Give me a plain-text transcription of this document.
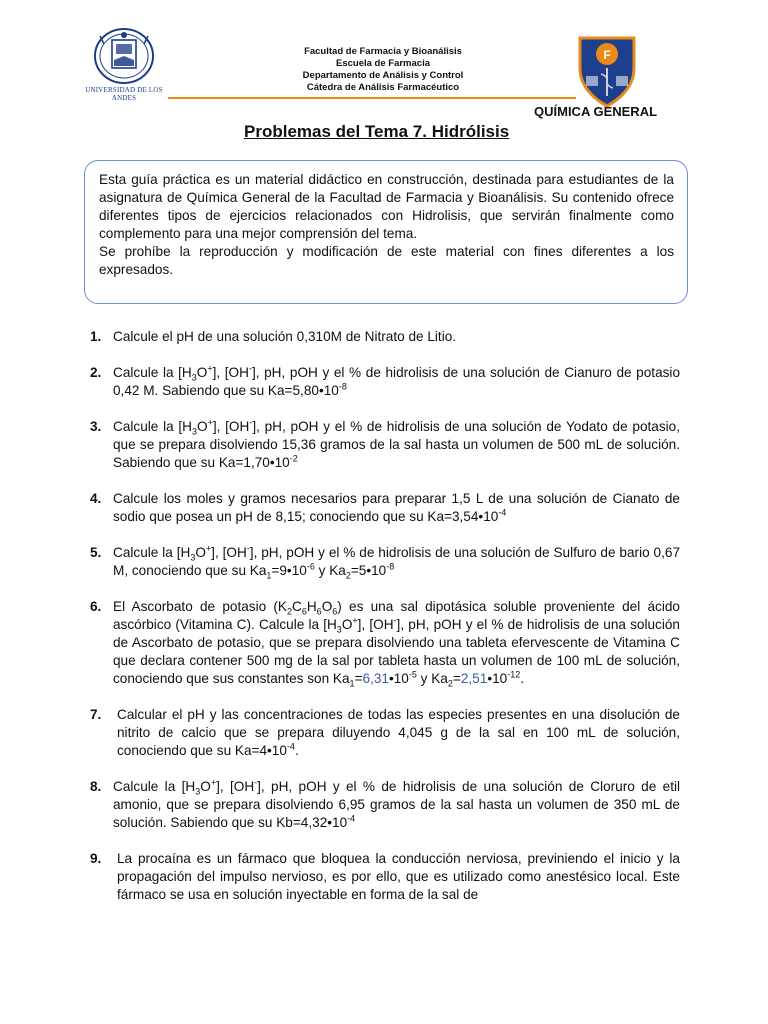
UNIVERSIDAD DE LOS ANDES
Facultad de Farmacia y Bioanálisis
Escuela de Farmacia
Departamento de Análisis y Control
Cátedra de Análisis Farmacéutico
F
QUÍMICA GENERAL
Problemas del Tema 7. Hidrólisis

Esta guía práctica es un material didáctico en construcción, destinada para estudiantes de la asignatura de Química General de la Facultad de Farmacia y Bioanálisis. Su contenido ofrece diferentes tipos de ejercicios relacionados con Hidrolisis, que servirán finalmente como complemento para una mejor comprensión del tema.

Se prohíbe la reproducción y modificación de este material con fines diferentes a los expresados.

1. Calcule el pH de una solución 0,310M de Nitrato de Litio.
2. Calcule la $[H_3O^+]$, [OH-], pH, pOH y el % de hidrolisis de una solución de Cianuro de potasio 0,42 M. Sabiendo que su $Ka=5,80•10^{-8}$
3. Calcule la $[H_3O^+]$, [OH-], pH, pOH y el % de hidrolisis de una solución de Yodato de potasio, que se prepara disolviendo 15,36 gramos de la sal hasta un volumen de 500 mL de solución. Sabiendo que su $Ka=1,70•10^{-2}$
4. Calcule los moles y gramos necesarios para preparar 1,5 L de una solución de Cianato de sodio que posea un pH de 8,15; conociendo que su $Ka=3,54•10^{-4}$
5. Calcule la $[H_3O^+]$, [OH-], pH, pOH y el % de hidrolisis de una solución de Sulfuro de bario 0,67 M, conociendo que su $Ka_1=9•10^{-6}$ y $Ka_2=5•10^{-8}$
6. El Ascorbato de potasio $(K_2C_6H_6O_6)$ es una sal dipotásica soluble proveniente del ácido ascórbico (Vitamina C). Calcule la $[H_3O^+]$, [OH-], pH, pOH y el % de hidrolisis de una solución de Ascorbato de potasio, que se prepara disolviendo una tableta efervescente de Vitamina C que declara contener 500 mg de la sal por tableta hasta un volumen de 100 mL de solución, conociendo que sus constantes son $Ka_1=6,31•10^{-5}$ y $Ka_2=2,51•10^{-12}$.
7. Calcular el pH y las concentraciones de todas las especies presentes en una disolución de nitrito de calcio que se prepara diluyendo 4,045 g de la sal en 100 mL de solución, conociendo que su $Ka=4•10^{-4}$.
8. Calcule la $[H_3O^+]$, [OH-], pH, pOH y el % de hidrolisis de una solución de Cloruro de etil amonio, que se prepara disolviendo 6,95 gramos de la sal hasta un volumen de 350 mL de solución. Sabiendo que su $Kb=4,32•10^{-4}$
9. La procaína es un fármaco que bloquea la conducción nerviosa, previniendo el inicio y la propagación del impulso nervioso, es por ello, que es utilizado como anestésico local. Este fármaco se usa en solución inyectable en forma de la sal de
